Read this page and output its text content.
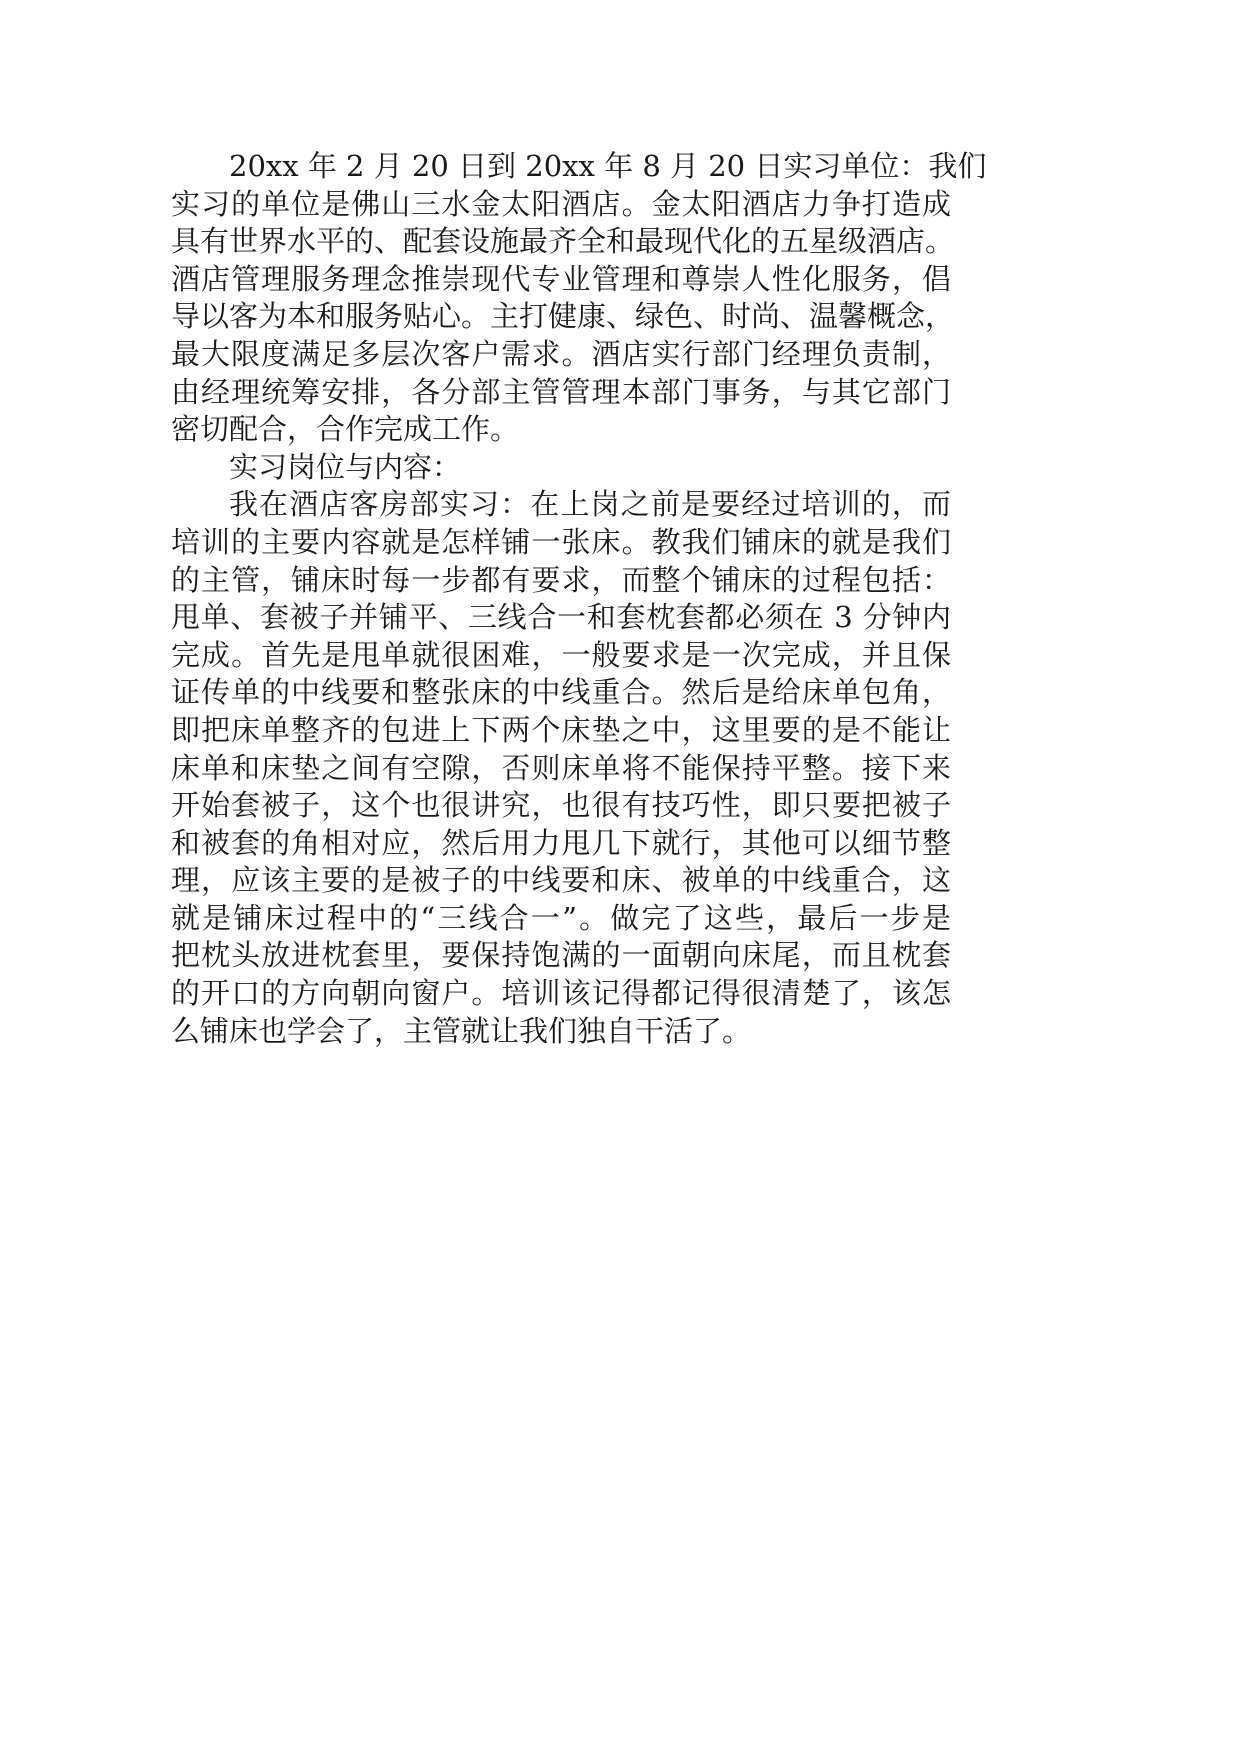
20xx 年 2 月 20 日到 20xx 年 8 月 20 日实习单位：我们

实习的单位是佛山三水金太阳酒店。金太阳酒店力争打造成

具有世界水平的、配套设施最齐全和最现代化的五星级酒店。

酒店管理服务理念推崇现代专业管理和尊崇人性化服务，倡

导以客为本和服务贴心。主打健康、绿色、时尚、温馨概念，

最大限度满足多层次客户需求。酒店实行部门经理负责制，

由经理统筹安排，各分部主管管理本部门事务，与其它部门

密切配合，合作完成工作。

实习岗位与内容：

我在酒店客房部实习：在上岗之前是要经过培训的，而

培训的主要内容就是怎样铺一张床。教我们铺床的就是我们

的主管，铺床时每一步都有要求，而整个铺床的过程包括：

甩单、套被子并铺平、三线合一和套枕套都必须在 3 分钟内

完成。首先是甩单就很困难，一般要求是一次完成，并且保

证传单的中线要和整张床的中线重合。然后是给床单包角，

即把床单整齐的包进上下两个床垫之中，这里要的是不能让

床单和床垫之间有空隙，否则床单将不能保持平整。接下来

开始套被子，这个也很讲究，也很有技巧性，即只要把被子

和被套的角相对应，然后用力甩几下就行，其他可以细节整

理，应该主要的是被子的中线要和床、被单的中线重合，这

就是铺床过程中的“三线合一”。做完了这些，最后一步是

把枕头放进枕套里，要保持饱满的一面朝向床尾，而且枕套

的开口的方向朝向窗户。培训该记得都记得很清楚了，该怎

么铺床也学会了，主管就让我们独自干活了。
